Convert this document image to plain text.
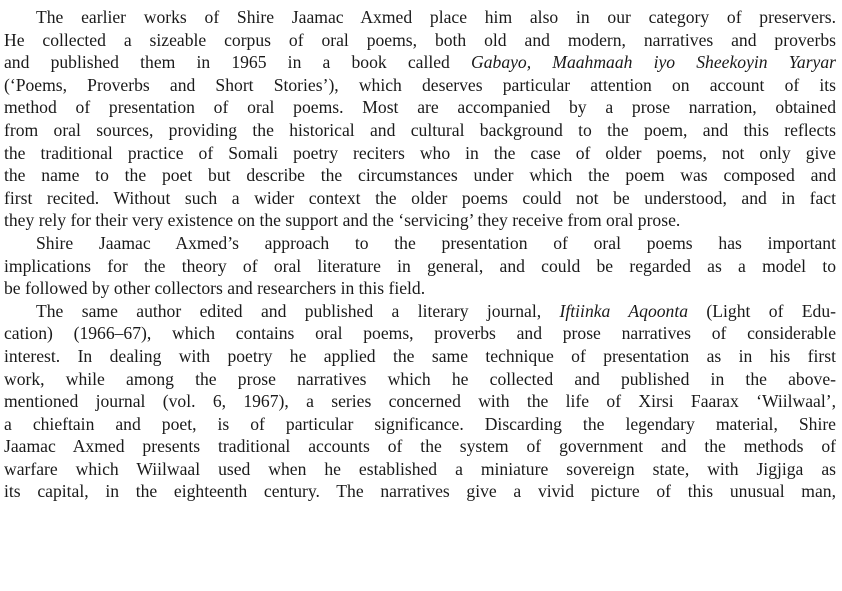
The earlier works of Shire Jaamac Axmed place him also in our category of preservers.
He collected a sizeable corpus of oral poems, both old and modern, narratives and proverbs
and published them in 1965 in a book called Gabayo, Maahmaah iyo Sheekoyin Yaryar
(‘Poems, Proverbs and Short Stories’), which deserves particular attention on account of its
method of presentation of oral poems. Most are accompanied by a prose narration, obtained
from oral sources, providing the historical and cultural background to the poem, and this reflects
the traditional practice of Somali poetry reciters who in the case of older poems, not only give
the name to the poet but describe the circumstances under which the poem was composed and
first recited. Without such a wider context the older poems could not be understood, and in fact
they rely for their very existence on the support and the ‘servicing’ they receive from oral prose.
Shire Jaamac Axmed’s approach to the presentation of oral poems has important
implications for the theory of oral literature in general, and could be regarded as a model to
be followed by other collectors and researchers in this field.
The same author edited and published a literary journal, Iftiinka Aqoonta (Light of Edu-
cation) (1966–67), which contains oral poems, proverbs and prose narratives of considerable
interest. In dealing with poetry he applied the same technique of presentation as in his first
work, while among the prose narratives which he collected and published in the above-
mentioned journal (vol. 6, 1967), a series concerned with the life of Xirsi Faarax ‘Wiilwaal’,
a chieftain and poet, is of particular significance. Discarding the legendary material, Shire
Jaamac Axmed presents traditional accounts of the system of government and the methods of
warfare which Wiilwaal used when he established a miniature sovereign state, with Jigjiga as
its capital, in the eighteenth century. The narratives give a vivid picture of this unusual man,
